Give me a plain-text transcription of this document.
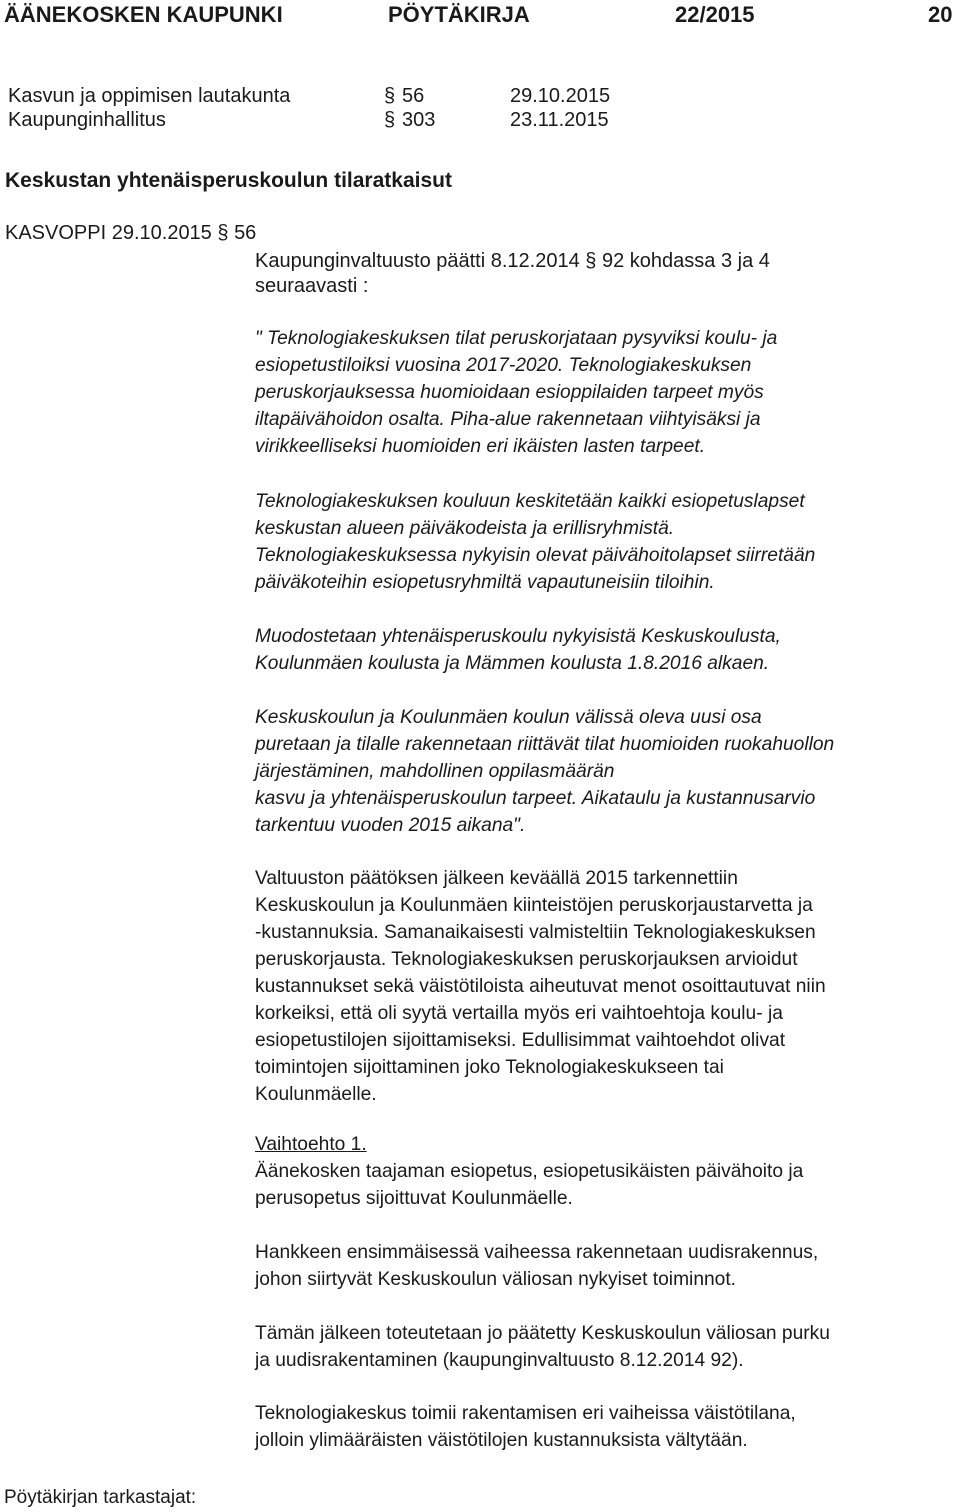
ÄÄNEKOSKEN KAUPUNKI	PÖYTÄKIRJA	22/2015	20
Kasvun ja oppimisen lautakunta	§ 56	29.10.2015
Kaupunginhallitus	§ 303	23.11.2015
Keskustan yhtenäisperuskoulun tilaratkaisut
KASVOPPI 29.10.2015 § 56
Kaupunginvaltuusto päätti 8.12.2014 § 92 kohdassa 3 ja 4
seuraavasti :

" Teknologiakeskuksen tilat peruskorjataan pysyviksi koulu- ja
esiopetustiloiksi vuosina 2017-2020. Teknologiakeskuksen
peruskorjauksessa huomioidaan esioppilaiden tarpeet myös
iltapäivähoidon osalta. Piha-alue rakennetaan viihtyisäksi ja
virikkeelliseksi huomioiden eri ikäisten lasten tarpeet.

Teknologiakeskuksen kouluun keskitetään kaikki esiopetuslapset
keskustan alueen päiväkodeista ja erillisryhmistä.
Teknologiakeskuksessa nykyisin olevat päivähoitolapset siirretään
päiväkoteihin esiopetusryhmiltä vapautuneisiin tiloihin.

Muodostetaan yhtenäisperuskoulu nykyisistä Keskuskoulusta,
Koulunmäen koulusta ja Mämmen koulusta 1.8.2016 alkaen.

Keskuskoulun ja Koulunmäen koulun välissä oleva uusi osa
puretaan ja tilalle rakennetaan riittävät tilat huomioiden ruokahuollon
järjestäminen, mahdollinen oppilasmäärän
kasvu ja yhtenäisperuskoulun tarpeet. Aikataulu ja kustannusarvio
tarkentuu vuoden 2015 aikana".

Valtuuston päätöksen jälkeen keväällä 2015 tarkennettiin
Keskuskoulun ja Koulunmäen kiinteistöjen peruskorjaustarvetta ja
-kustannuksia. Samanaikaisesti valmisteltiin Teknologiakeskuksen
peruskorjausta. Teknologiakeskuksen peruskorjauksen arvioidut
kustannukset sekä väistötiloista aiheutuvat menot osoittautuvat niin
korkeiksi, että oli syytä vertailla myös eri vaihtoehtoja koulu- ja
esiopetustilojen sijoittamiseksi. Edullisimmat vaihtoehdot olivat
toimintojen sijoittaminen joko Teknologiakeskukseen tai
Koulunmäelle.

Vaihtoehto 1.

Äänekosken taajaman esiopetus, esiopetusikäisten päivähoito ja
perusopetus sijoittuvat Koulunmäelle.

Hankkeen ensimmäisessä vaiheessa rakennetaan uudisrakennus,
johon siirtyvät Keskuskoulun väliosan nykyiset toiminnot.

Tämän jälkeen toteutetaan jo päätetty Keskuskoulun väliosan purku
ja uudisrakentaminen (kaupunginvaltuusto 8.12.2014 92).

Teknologiakeskus toimii rakentamisen eri vaiheissa väistötilana,
jolloin ylimääräisten väistötilojen kustannuksista vältytään.

Pöytäkirjan tarkastajat:
